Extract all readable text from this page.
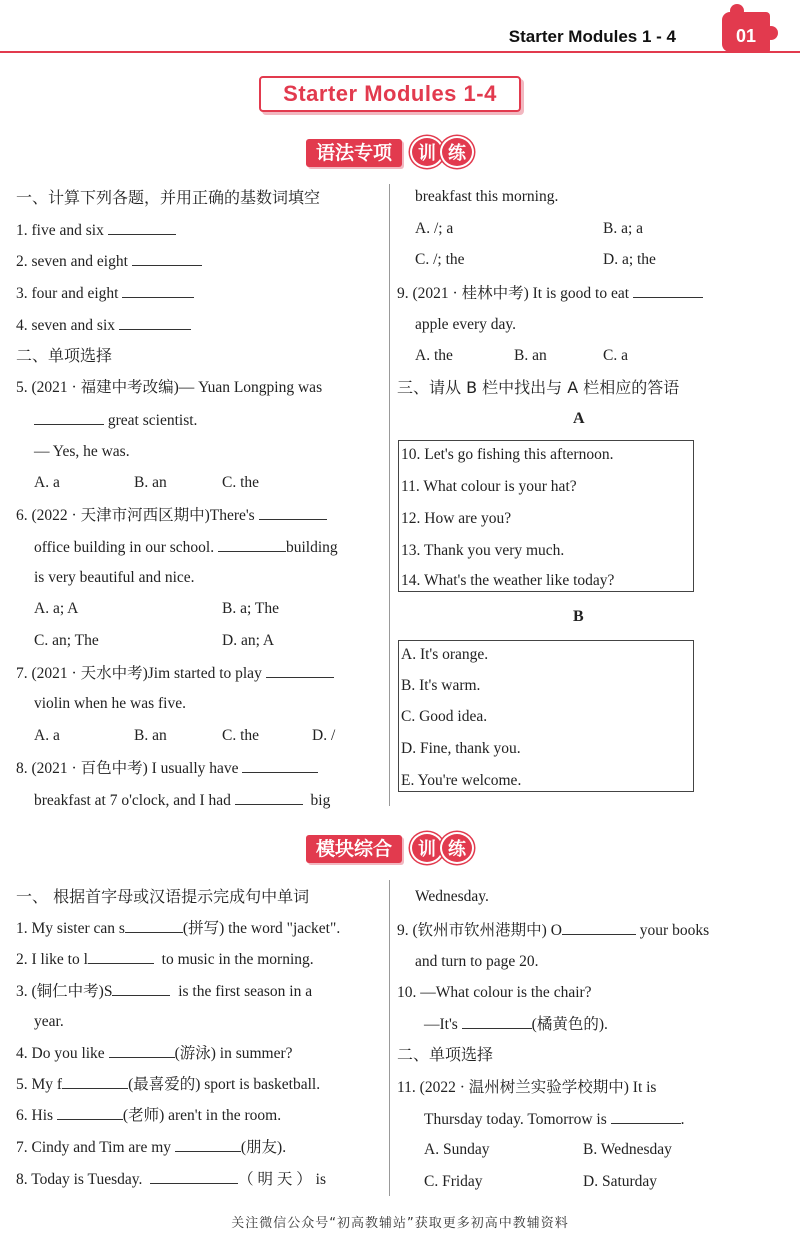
Starter Modules 1 - 4	01
Starter Modules 1-4
语法专项	训 练
一、计算下列各题，并用正确的基数词填空
1. five and six
2. seven and eight
3. four and eight
4. seven and six
二、单项选择
5. (2021 · 福建中考改编)— Yuan Longping was
great scientist.
— Yes, he was.
A. a	B. an	C. the
6. (2022 · 天津市河西区期中)There's
office building in our school.	building
is very beautiful and nice.
A. a; A	B. a; The
C. an; The	D. an; A
7. (2021 · 天水中考)Jim started to play
violin when he was five.
A. a	B. an	C. the	D. /
8. (2021 · 百色中考) I usually have
breakfast at 7 o'clock, and I had	big
breakfast this morning.
A. /; a	B. a; a
C. /; the	D. a; the
9. (2021 · 桂林中考) It is good to eat
apple every day.
A. the	B. an	C. a
三、请从 B 栏中找出与 A 栏相应的答语
A
10. Let's go fishing this afternoon.
11. What colour is your hat?
12. How are you?
13. Thank you very much.
14. What's the weather like today?
B
A. It's orange.
B. It's warm.
C. Good idea.
D. Fine, thank you.
E. You're welcome.
模块综合	训 练
一、 根据首字母或汉语提示完成句中单词
1. My sister can s	(拼写) the word "jacket".
2. I like to l	to music in the morning.
3. (铜仁中考)S	is the first season in a
year.
4. Do you like	(游泳) in summer?
5. My f	(最喜爱的) sport is basketball.
6. His	(老师) aren't in the room.
7. Cindy and Tim are my	(朋友).
8. Today is Tuesday.	（ 明 天 ） is
Wednesday.
9. (钦州市钦州港期中) O	your books
and turn to page 20.
10. —What colour is the chair?
—It's	(橘黄色的).
二、单项选择
11. (2022 · 温州树兰实验学校期中) It is
Thursday today. Tomorrow is	.
A. Sunday	B. Wednesday
C. Friday	D. Saturday
关注微信公众号“初高教辅站”获取更多初高中教辅资料
